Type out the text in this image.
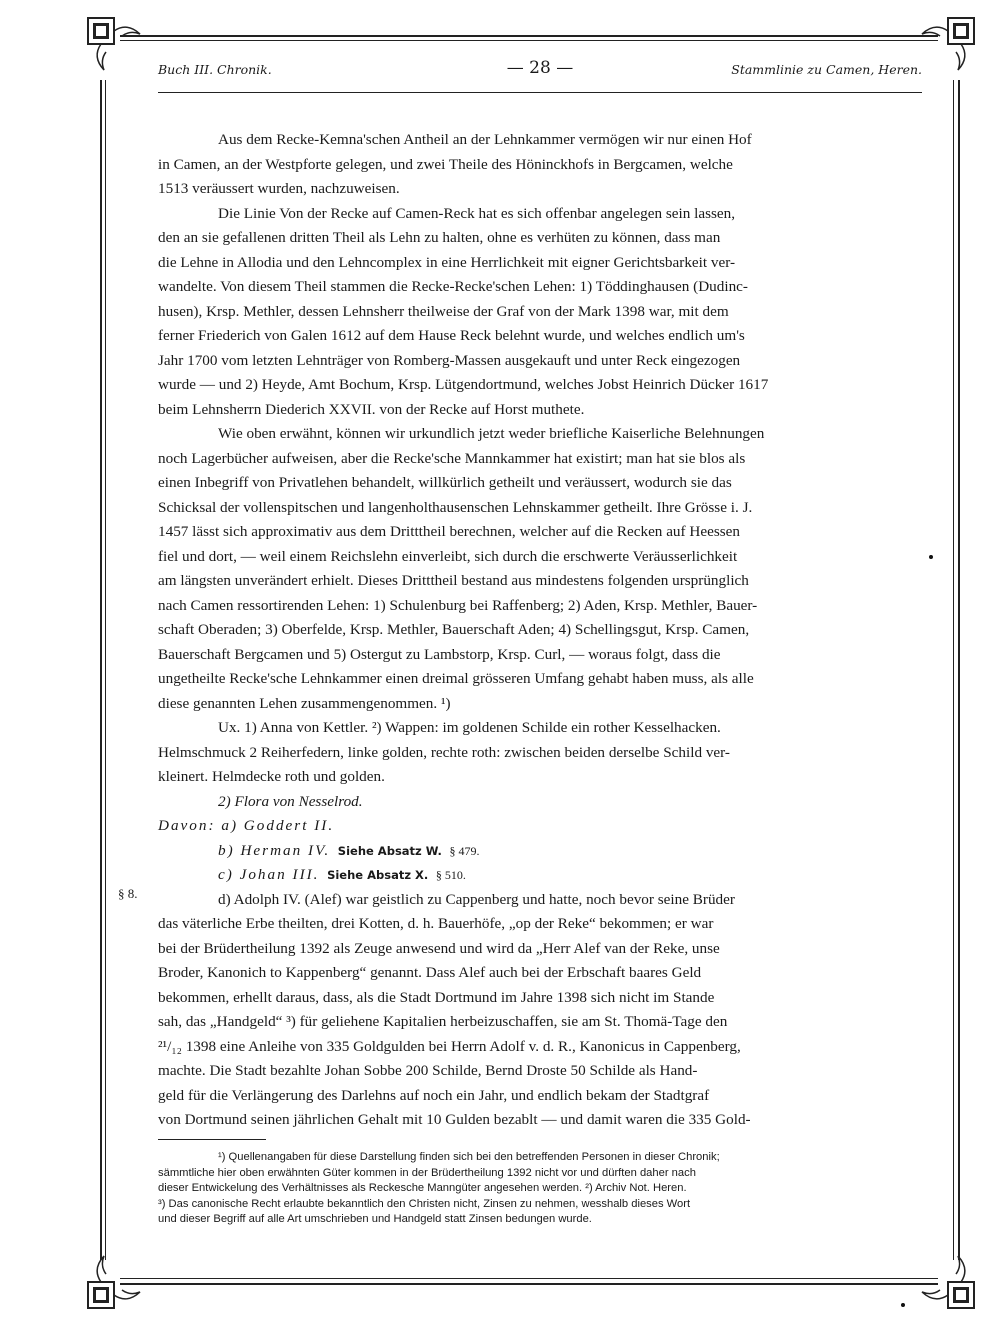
Buch III. Chronik.	— 28 —	Stammlinie zu Camen, Heren.

Aus dem Recke-Kemna'schen Antheil an der Lehnkammer vermögen wir nur einen Hof

in Camen, an der Westpforte gelegen, und zwei Theile des Höninckhofs in Bergcamen, welche
1513 veräussert wurden, nachzuweisen.

Die Linie Von der Recke auf Camen-Reck hat es sich offenbar angelegen sein lassen,

den an sie gefallenen dritten Theil als Lehn zu halten, ohne es verhüten zu können, dass man
die Lehne in Allodia und den Lehncomplex in eine Herrlichkeit mit eigner Gerichtsbarkeit ver-
wandelte. Von diesem Theil stammen die Recke-Recke'schen Lehen: 1) Töddinghausen (Dudinc-
husen), Krsp. Methler, dessen Lehnsherr theilweise der Graf von der Mark 1398 war, mit dem
ferner Friederich von Galen 1612 auf dem Hause Reck belehnt wurde, und welches endlich um's
Jahr 1700 vom letzten Lehnträger von Romberg-Massen ausgekauft und unter Reck eingezogen
wurde — und 2) Heyde, Amt Bochum, Krsp. Lütgendortmund, welches Jobst Heinrich Dücker 1617
beim Lehnsherrn Diederich XXVII. von der Recke auf Horst muthete.

Wie oben erwähnt, können wir urkundlich jetzt weder briefliche Kaiserliche Belehnungen

noch Lagerbücher aufweisen, aber die Recke'sche Mannkammer hat existirt; man hat sie blos als
einen Inbegriff von Privatlehen behandelt, willkürlich getheilt und veräussert, wodurch sie das
Schicksal der vollenspitschen und langenholthausenschen Lehnskammer getheilt. Ihre Grösse i. J.
1457 lässt sich approximativ aus dem Dritttheil berechnen, welcher auf die Recken auf Heessen
fiel und dort, — weil einem Reichslehn einverleibt, sich durch die erschwerte Veräusserlichkeit
am längsten unverändert erhielt. Dieses Dritttheil bestand aus mindestens folgenden ursprünglich
nach Camen ressortirenden Lehen: 1) Schulenburg bei Raffenberg; 2) Aden, Krsp. Methler, Bauer-
schaft Oberaden; 3) Oberfelde, Krsp. Methler, Bauerschaft Aden; 4) Schellingsgut, Krsp. Camen,
Bauerschaft Bergcamen und 5) Ostergut zu Lambstorp, Krsp. Curl, — woraus folgt, dass die
ungetheilte Recke'sche Lehnkammer einen dreimal grösseren Umfang gehabt haben muss, als alle
diese genannten Lehen zusammengenommen. ¹)

Ux. 1) Anna von Kettler. ²) Wappen: im goldenen Schilde ein rother Kesselhacken.

Helmschmuck 2 Reiherfedern, linke golden, rechte roth: zwischen beiden derselbe Schild ver-
kleinert. Helmdecke roth und golden.
2) Flora von Nesselrod.
Davon: a) Goddert II.
b) Herman IV. Siehe Absatz W. § 479.
c) Johan III. Siehe Absatz X. § 510.

d) Adolph IV. (Alef) war geistlich zu Cappenberg und hatte, noch bevor seine Brüder

das väterliche Erbe theilten, drei Kotten, d. h. Bauerhöfe, „op der Reke“ bekommen; er war
bei der Brüdertheilung 1392 als Zeuge anwesend und wird da „Herr Alef van der Reke, unse
Broder, Kanonich to Kappenberg“ genannt. Dass Alef auch bei der Erbschaft baares Geld
bekommen, erhellt daraus, dass, als die Stadt Dortmund im Jahre 1398 sich nicht im Stande
sah, das „Handgeld“ ³) für geliehene Kapitalien herbeizuschaffen, sie am St. Thomä-Tage den
²¹/₁₂ 1398 eine Anleihe von 335 Goldgulden bei Herrn Adolf v. d. R., Kanonicus in Cappenberg,
machte. Die Stadt bezahlte Johan Sobbe 200 Schilde, Bernd Droste 50 Schilde als Hand-
geld für die Verlängerung des Darlehns auf noch ein Jahr, und endlich bekam der Stadtgraf
von Dortmund seinen jährlichen Gehalt mit 10 Gulden bezablt — und damit waren die 335 Gold-
§ 8.

¹) Quellenangaben für diese Darstellung finden sich bei den betreffenden Personen in dieser Chronik;

sämmtliche hier oben erwähnten Güter kommen in der Brüdertheilung 1392 nicht vor und dürften daher nach
dieser Entwickelung des Verhältnisses als Reckesche Manngüter angesehen werden. ²) Archiv Not. Heren.
³) Das canonische Recht erlaubte bekanntlich den Christen nicht, Zinsen zu nehmen, wesshalb dieses Wort
und dieser Begriff auf alle Art umschrieben und Handgeld statt Zinsen bedungen wurde.
